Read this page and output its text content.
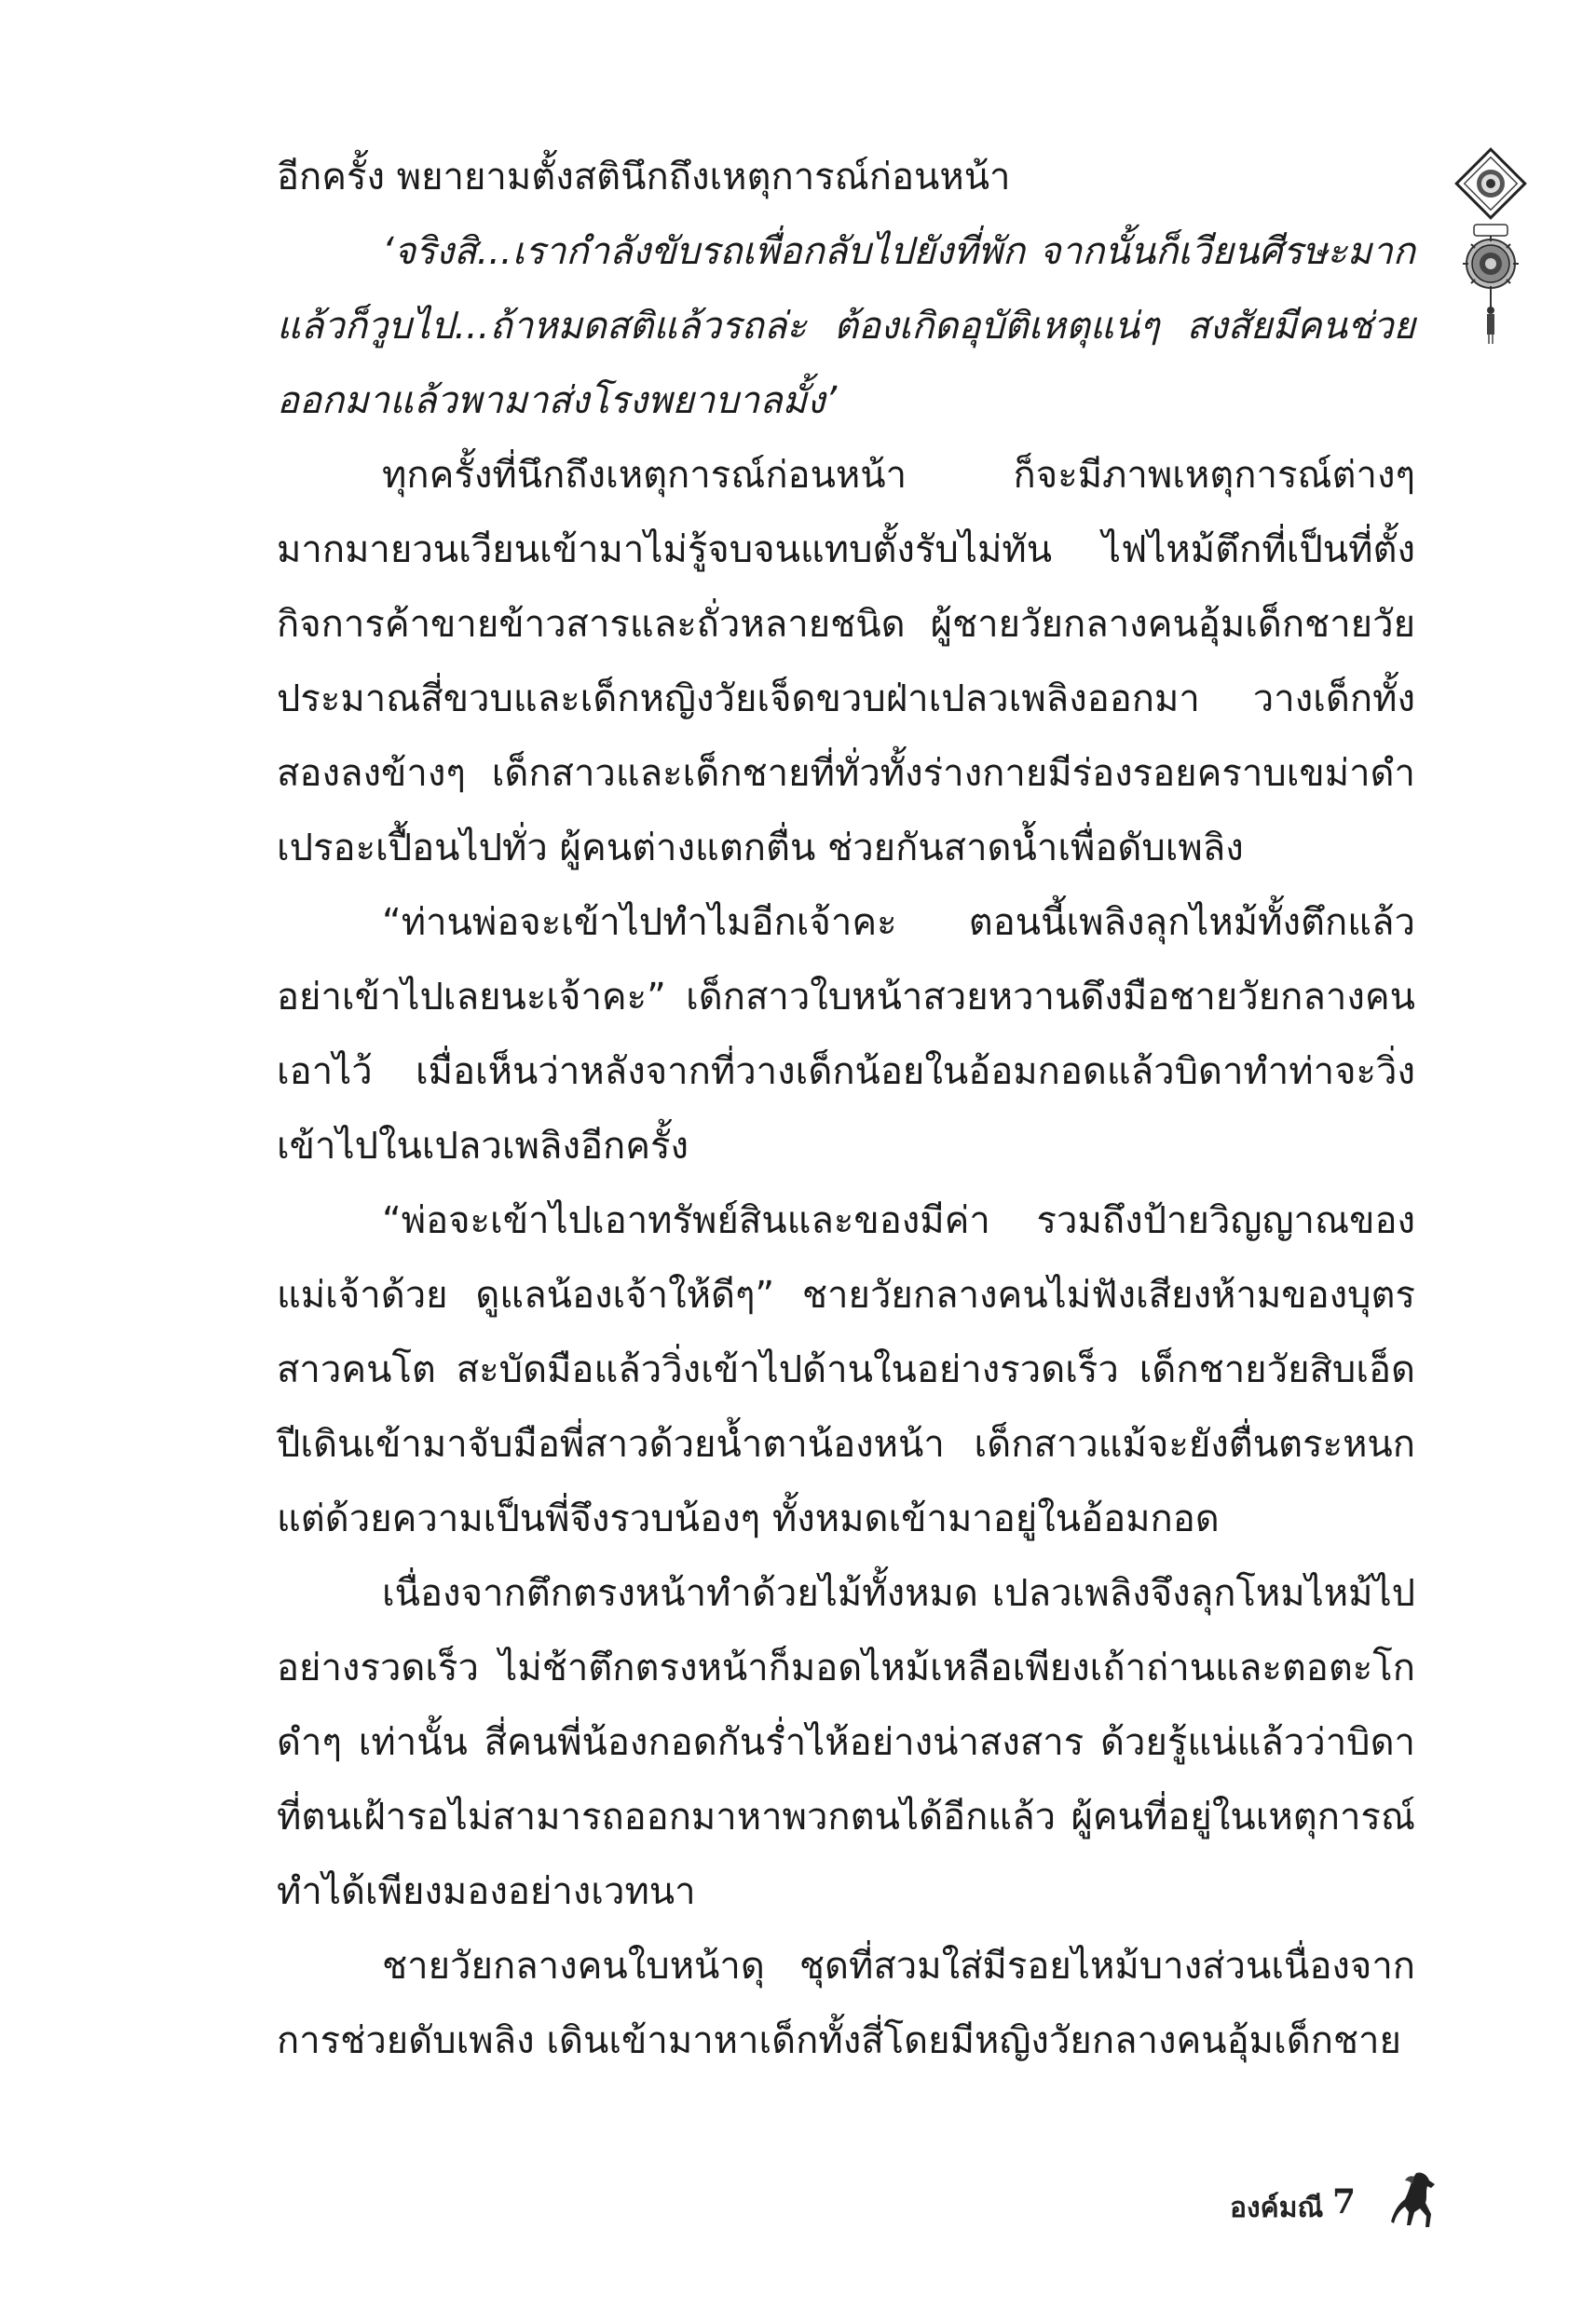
อีกครั้ง พยายามตั้งสตินึกถึงเหตุการณ์ก่อนหน้า

‘จริงสิ...เรากำลังขับรถเพื่อกลับไปยังที่พัก จากนั้นก็เวียนศีรษะมากแล้วก็วูบไป...ถ้าหมดสติแล้วรถล่ะ ต้องเกิดอุบัติเหตุแน่ๆ สงสัยมีคนช่วยออกมาแล้วพามาส่งโรงพยาบาลมั้ง’

ทุกครั้งที่นึกถึงเหตุการณ์ก่อนหน้า ก็จะมีภาพเหตุการณ์ต่างๆ มากมายวนเวียนเข้ามาไม่รู้จบจนแทบตั้งรับไม่ทัน ไฟไหม้ตึกที่เป็นที่ตั้งกิจการค้าขายข้าวสารและถั่วหลายชนิด ผู้ชายวัยกลางคนอุ้มเด็กชายวัยประมาณสี่ขวบและเด็กหญิงวัยเจ็ดขวบฝ่าเปลวเพลิงออกมา วางเด็กทั้งสองลงข้างๆ เด็กสาวและเด็กชายที่ทั่วทั้งร่างกายมีร่องรอยคราบเขม่าดำเปรอะเปื้อนไปทั่ว ผู้คนต่างแตกตื่น ช่วยกันสาดน้ำเพื่อดับเพลิง

“ท่านพ่อจะเข้าไปทำไมอีกเจ้าคะ ตอนนี้เพลิงลุกไหม้ทั้งตึกแล้ว อย่าเข้าไปเลยนะเจ้าคะ” เด็กสาวใบหน้าสวยหวานดึงมือชายวัยกลางคนเอาไว้ เมื่อเห็นว่าหลังจากที่วางเด็กน้อยในอ้อมกอดแล้วบิดาทำท่าจะวิ่งเข้าไปในเปลวเพลิงอีกครั้ง

“พ่อจะเข้าไปเอาทรัพย์สินและของมีค่า รวมถึงป้ายวิญญาณของแม่เจ้าด้วย ดูแลน้องเจ้าให้ดีๆ” ชายวัยกลางคนไม่ฟังเสียงห้ามของบุตรสาวคนโต สะบัดมือแล้ววิ่งเข้าไปด้านในอย่างรวดเร็ว เด็กชายวัยสิบเอ็ดปีเดินเข้ามาจับมือพี่สาวด้วยน้ำตาน้องหน้า เด็กสาวแม้จะยังตื่นตระหนก แต่ด้วยความเป็นพี่จึงรวบน้องๆ ทั้งหมดเข้ามาอยู่ในอ้อมกอด

เนื่องจากตึกตรงหน้าทำด้วยไม้ทั้งหมด เปลวเพลิงจึงลุกโหมไหม้ไปอย่างรวดเร็ว ไม่ช้าตึกตรงหน้าก็มอดไหม้เหลือเพียงเถ้าถ่านและตอตะโกดำๆ เท่านั้น สี่คนพี่น้องกอดกันร่ำไห้อย่างน่าสงสาร ด้วยรู้แน่แล้วว่าบิดาที่ตนเฝ้ารอไม่สามารถออกมาหาพวกตนได้อีกแล้ว ผู้คนที่อยู่ในเหตุการณ์ทำได้เพียงมองอย่างเวทนา

ชายวัยกลางคนใบหน้าดุ ชุดที่สวมใส่มีรอยไหม้บางส่วนเนื่องจากการช่วยดับเพลิง เดินเข้ามาหาเด็กทั้งสี่โดยมีหญิงวัยกลางคนอุ้มเด็กชาย

องค์มณี 7
